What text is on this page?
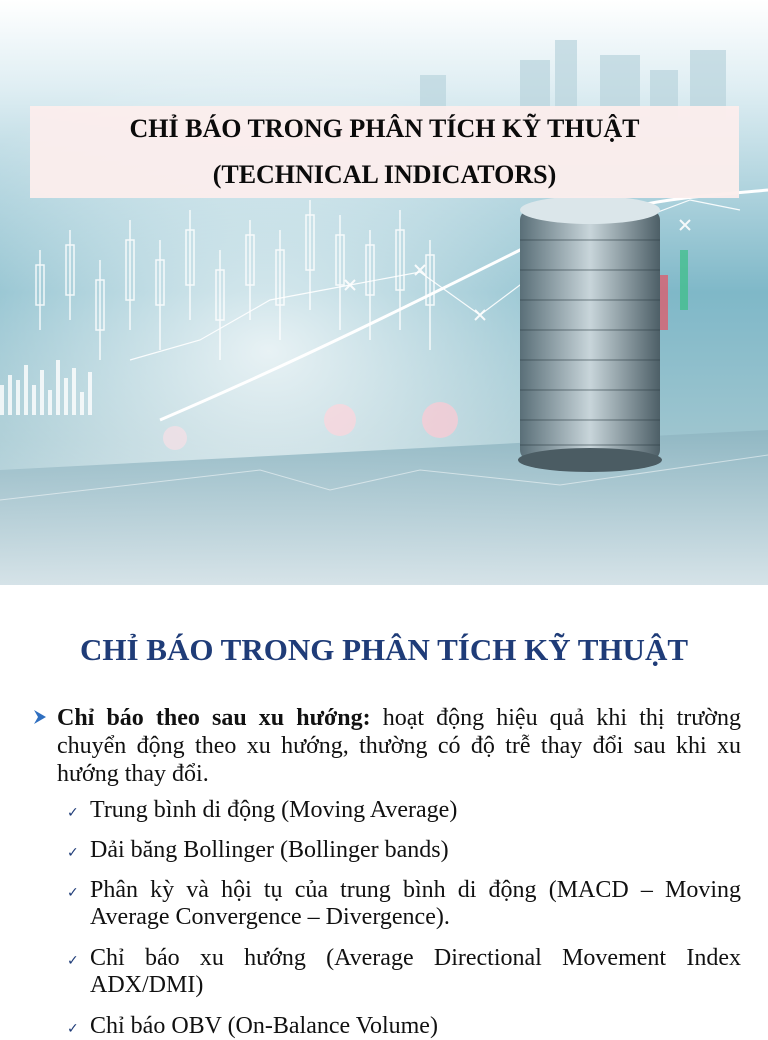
CHỈ BÁO TRONG PHÂN TÍCH KỸ THUẬT
(TECHNICAL INDICATORS)
CHỈ BÁO TRONG PHÂN TÍCH KỸ THUẬT
Chỉ báo theo sau xu hướng: hoạt động hiệu quả khi thị trường chuyển động theo xu hướng, thường có độ trễ thay đổi sau khi xu hướng thay đổi.
✓ Trung bình di động (Moving Average)
✓ Dải băng Bollinger (Bollinger bands)
✓ Phân kỳ và hội tụ của trung bình di động (MACD – Moving Average Convergence – Divergence).
✓ Chỉ báo xu hướng (Average Directional Movement Index ADX/DMI)
✓ Chỉ báo OBV (On-Balance Volume)
